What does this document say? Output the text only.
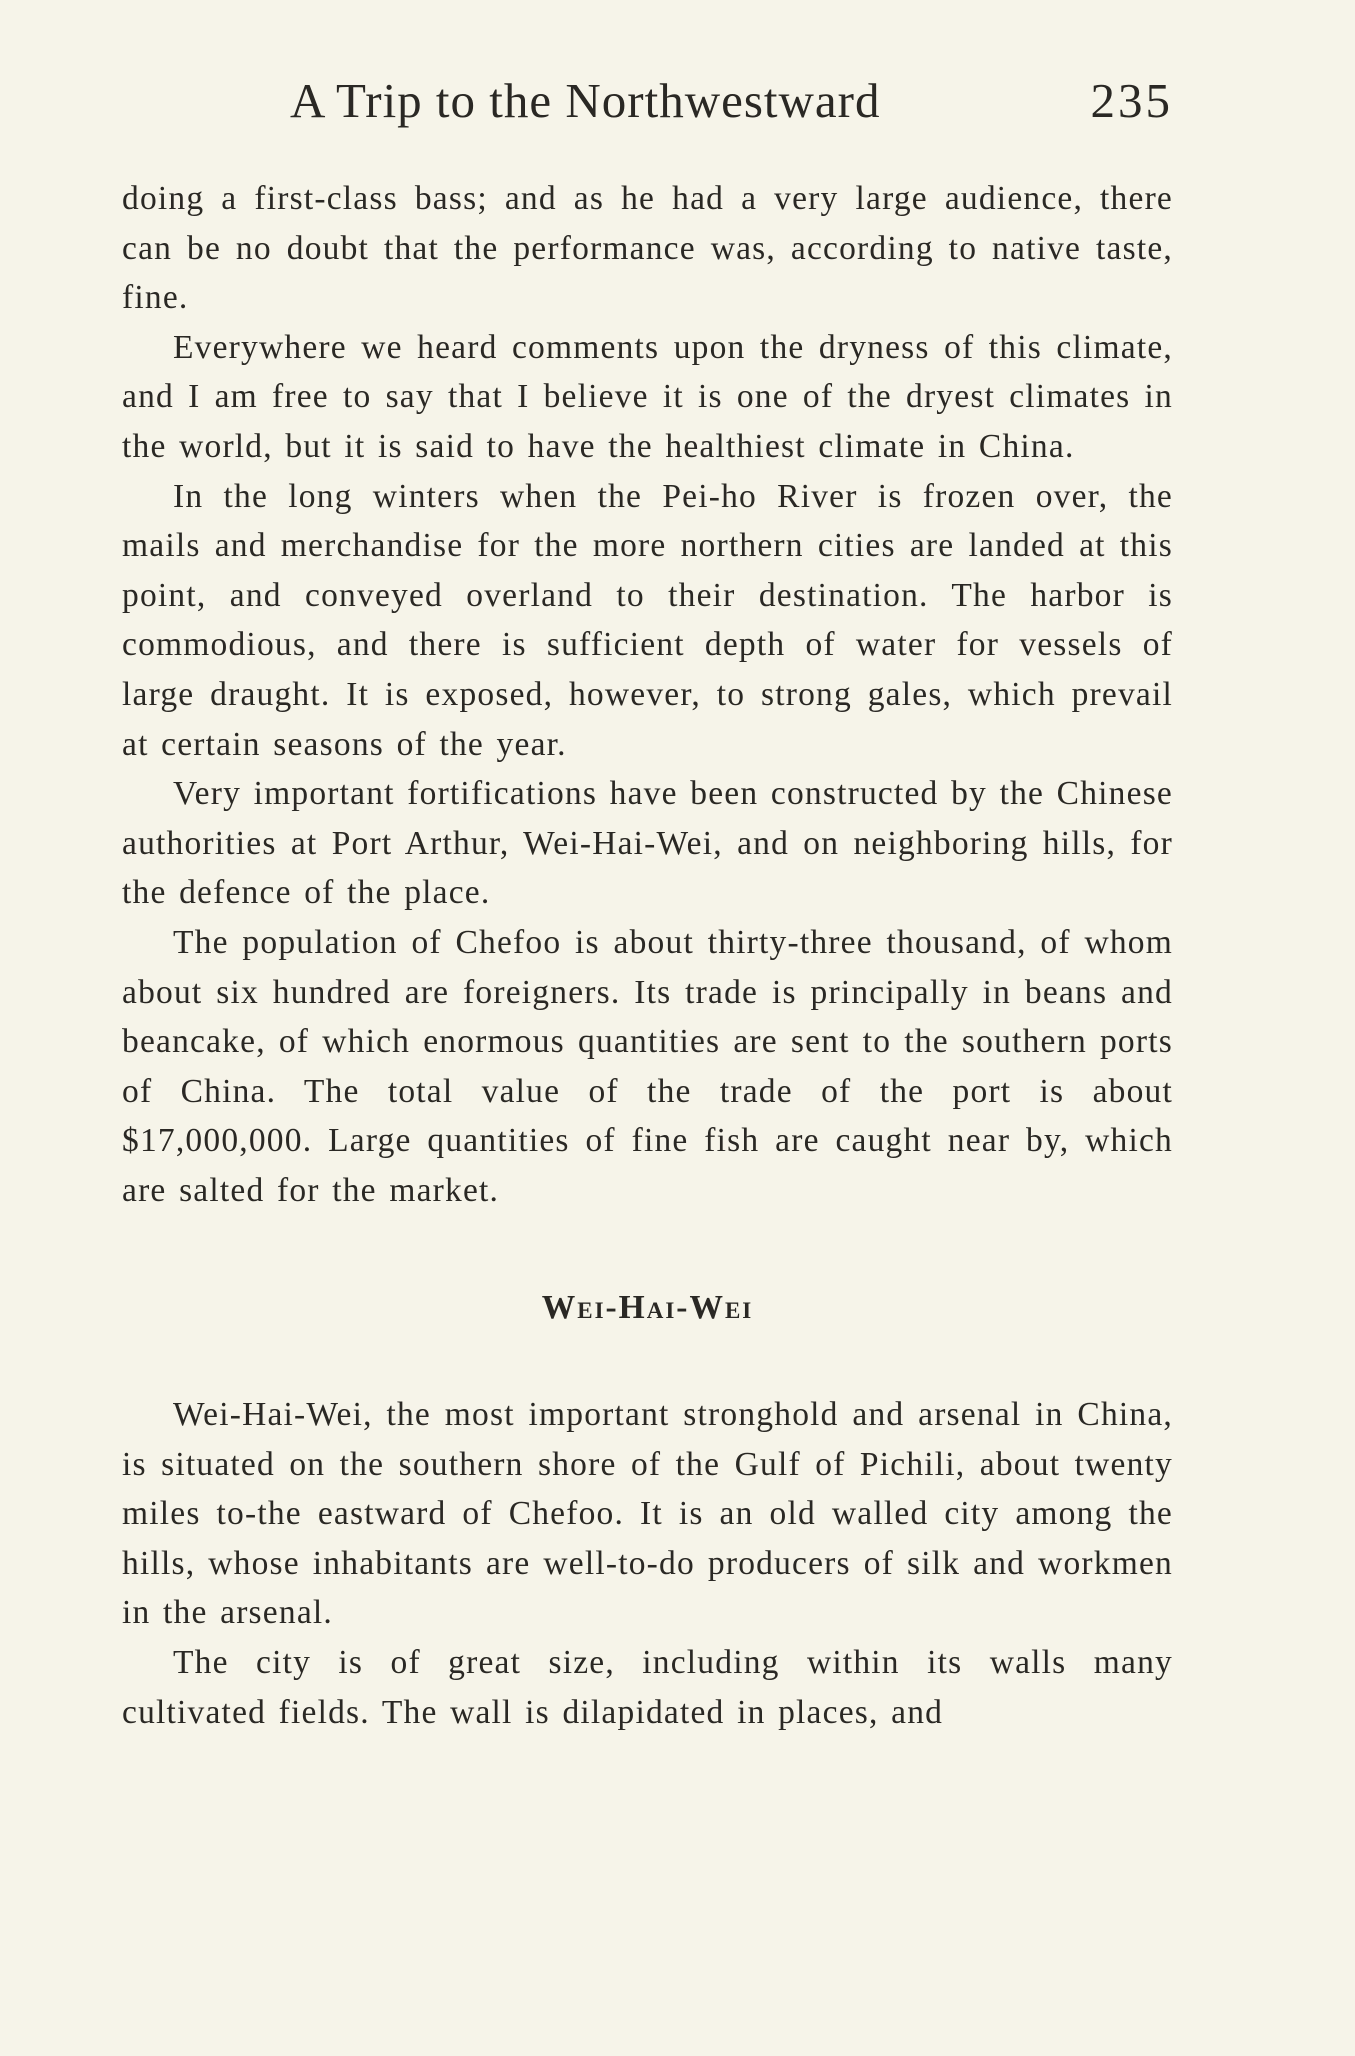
A Trip to the Northwestward	235

doing a first-class bass; and as he had a very large audience, there can be no doubt that the performance was, according to native taste, fine.

Everywhere we heard comments upon the dryness of this climate, and I am free to say that I believe it is one of the dryest climates in the world, but it is said to have the healthiest climate in China.

In the long winters when the Pei-ho River is frozen over, the mails and merchandise for the more northern cities are landed at this point, and conveyed overland to their destination. The harbor is commodious, and there is sufficient depth of water for vessels of large draught. It is exposed, however, to strong gales, which prevail at certain seasons of the year.

Very important fortifications have been constructed by the Chinese authorities at Port Arthur, Wei-Hai-Wei, and on neighboring hills, for the defence of the place.

The population of Chefoo is about thirty-three thousand, of whom about six hundred are foreigners. Its trade is principally in beans and beancake, of which enormous quantities are sent to the southern ports of China. The total value of the trade of the port is about $17,000,000. Large quantities of fine fish are caught near by, which are salted for the market.

Wei-Hai-Wei

Wei-Hai-Wei, the most important stronghold and arsenal in China, is situated on the southern shore of the Gulf of Pichili, about twenty miles to-the eastward of Chefoo. It is an old walled city among the hills, whose inhabitants are well-to-do producers of silk and workmen in the arsenal.

The city is of great size, including within its walls many cultivated fields. The wall is dilapidated in places, and
